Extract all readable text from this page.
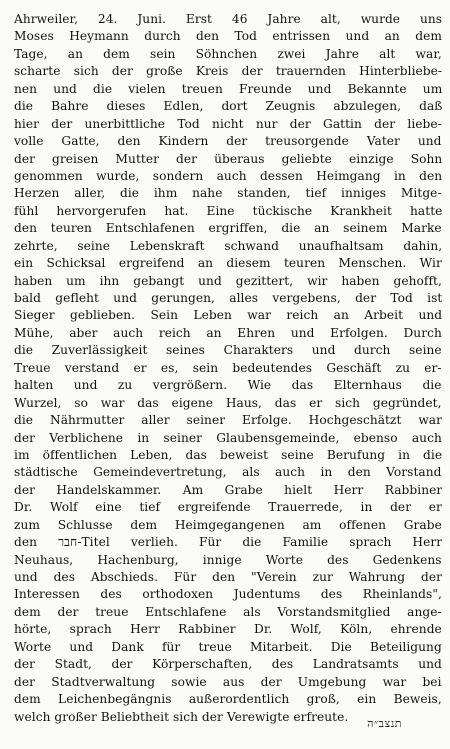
Ahrweiler, 24. Juni. Erst 46 Jahre alt, wurde uns
Moses Heymann durch den Tod entrissen und an dem
Tage, an dem sein Söhnchen zwei Jahre alt war,
scharte sich der große Kreis der trauernden Hinterbliebe-
nen und die vielen treuen Freunde und Bekannte um
die Bahre dieses Edlen, dort Zeugnis abzulegen, daß
hier der unerbittliche Tod nicht nur der Gattin der liebe-
volle Gatte, den Kindern der treusorgende Vater und
der greisen Mutter der überaus geliebte einzige Sohn
genommen wurde, sondern auch dessen Heimgang in den
Herzen aller, die ihm nahe standen, tief inniges Mitge-
fühl hervorgerufen hat. Eine tückische Krankheit hatte
den teuren Entschlafenen ergriffen, die an seinem Marke
zehrte, seine Lebenskraft schwand unaufhaltsam dahin,
ein Schicksal ergreifend an diesem teuren Menschen. Wir
haben um ihn gebangt und gezittert, wir haben gehofft,
bald gefleht und gerungen, alles vergebens, der Tod ist
Sieger geblieben. Sein Leben war reich an Arbeit und
Mühe, aber auch reich an Ehren und Erfolgen. Durch
die Zuverlässigkeit seines Charakters und durch seine
Treue verstand er es, sein bedeutendes Geschäft zu er-
halten und zu vergrößern. Wie das Elternhaus die
Wurzel, so war das eigene Haus, das er sich gegründet,
die Nährmutter aller seiner Erfolge. Hochgeschätzt war
der Verblichene in seiner Glaubensgemeinde, ebenso auch
im öffentlichen Leben, das beweist seine Berufung in die
städtische Gemeindevertretung, als auch in den Vorstand
der Handelskammer. Am Grabe hielt Herr Rabbiner
Dr. Wolf eine tief ergreifende Trauerrede, in der er
zum Schlusse dem Heimgegangenen am offenen Grabe
den חבר-Titel verlieh. Für die Familie sprach Herr
Neuhaus, Hachenburg, innige Worte des Gedenkens
und des Abschieds. Für den "Verein zur Wahrung der
Interessen des orthodoxen Judentums des Rheinlands",
dem der treue Entschlafene als Vorstandsmitglied ange-
hörte, sprach Herr Rabbiner Dr. Wolf, Köln, ehrende
Worte und Dank für treue Mitarbeit. Die Beteiligung
der Stadt, der Körperschaften, des Landratsamts und
der Stadtverwaltung sowie aus der Umgebung war bei
dem Leichenbegängnis außerordentlich groß, ein Beweis,
welch großer Beliebtheit sich der Verewigte erfreute.	תנצב״ה
